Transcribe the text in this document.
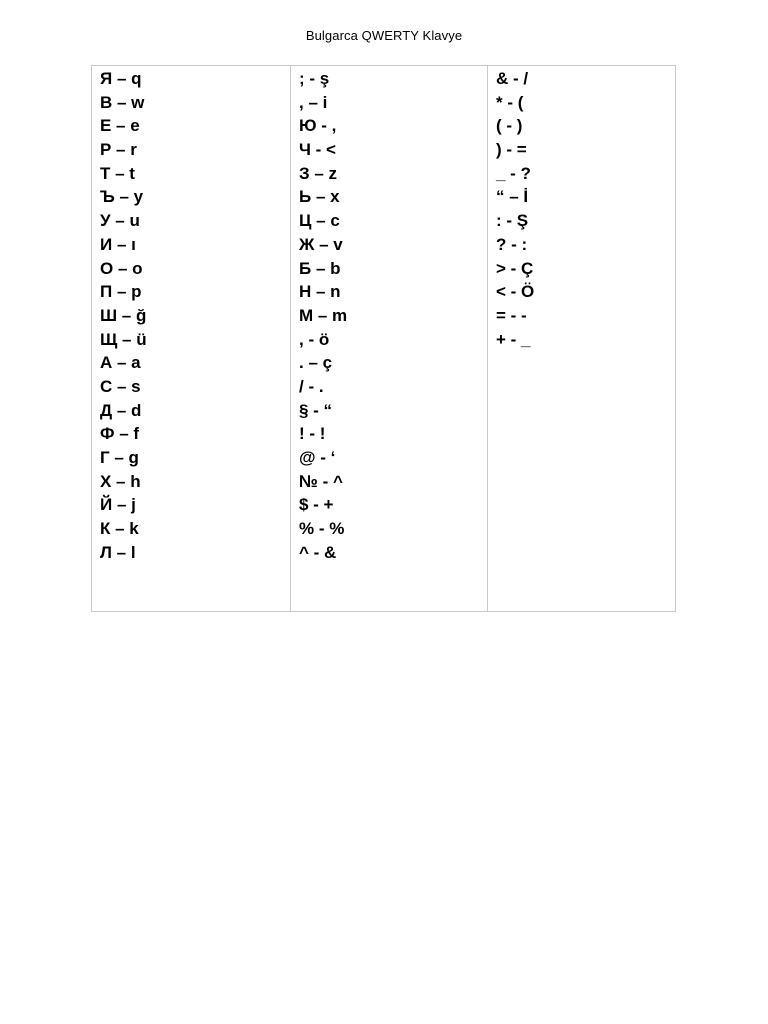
Bulgarca QWERTY Klavye
Я – q
В – w
Е – e
Р – r
Т – t
Ъ – y
У – u
И – ı
О – o
П – p
Ш – ğ
Щ – ü
А – a
С – s
Д – d
Ф – f
Г – g
Х – h
Й – j
К – k
Л – l
; - ş
, – i
Ю - ,
Ч - <
З – z
Ь – x
Ц – c
Ж – v
Б – b
Н – n
М – m
, - ö
. – ç
/ - .
§ - “
! - !
@ - ‘
№ - ^
$ - +
% - %
^ - &
& - /
* - (
( - )
) - =
_ - ?
“ – İ
: - Ş
? - :
> - Ç
< - Ö
= - -
+ - _
